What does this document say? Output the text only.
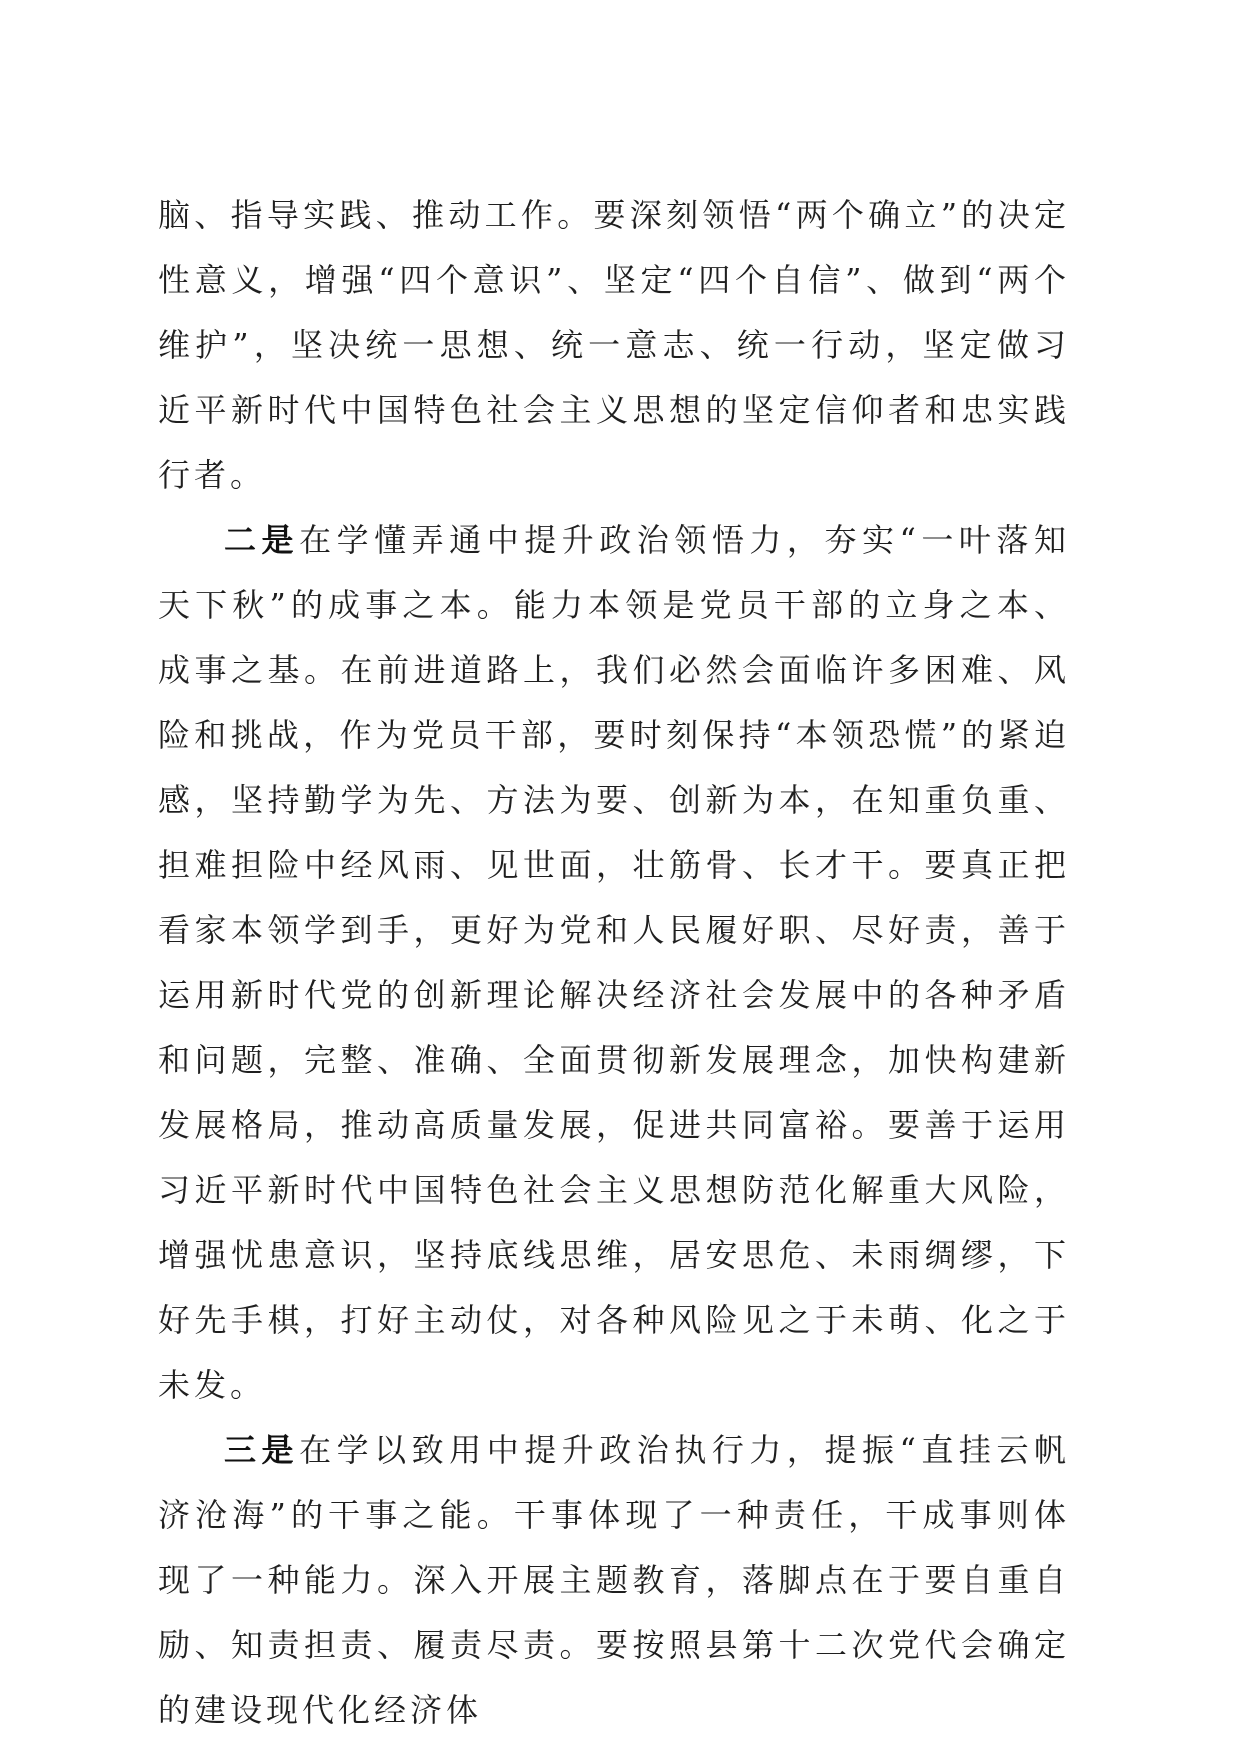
脑、指导实践、推动工作。要深刻领悟“两个确立”的决定性意义，增强“四个意识”、坚定“四个自信”、做到“两个维护”，坚决统一思想、统一意志、统一行动，坚定做习近平新时代中国特色社会主义思想的坚定信仰者和忠实践行者。

二是在学懂弄通中提升政治领悟力，夯实“一叶落知天下秋”的成事之本。能力本领是党员干部的立身之本、成事之基。在前进道路上，我们必然会面临许多困难、风险和挑战，作为党员干部，要时刻保持“本领恐慌”的紧迫感，坚持勤学为先、方法为要、创新为本，在知重负重、担难担险中经风雨、见世面，壮筋骨、长才干。要真正把看家本领学到手，更好为党和人民履好职、尽好责，善于运用新时代党的创新理论解决经济社会发展中的各种矛盾和问题，完整、准确、全面贯彻新发展理念，加快构建新发展格局，推动高质量发展，促进共同富裕。要善于运用习近平新时代中国特色社会主义思想防范化解重大风险，增强忧患意识，坚持底线思维，居安思危、未雨绸缪，下好先手棋，打好主动仗，对各种风险见之于未萌、化之于未发。

三是在学以致用中提升政治执行力，提振“直挂云帆济沧海”的干事之能。干事体现了一种责任，干成事则体现了一种能力。深入开展主题教育，落脚点在于要自重自励、知责担责、履责尽责。要按照县第十二次党代会确定的建设现代化经济体
